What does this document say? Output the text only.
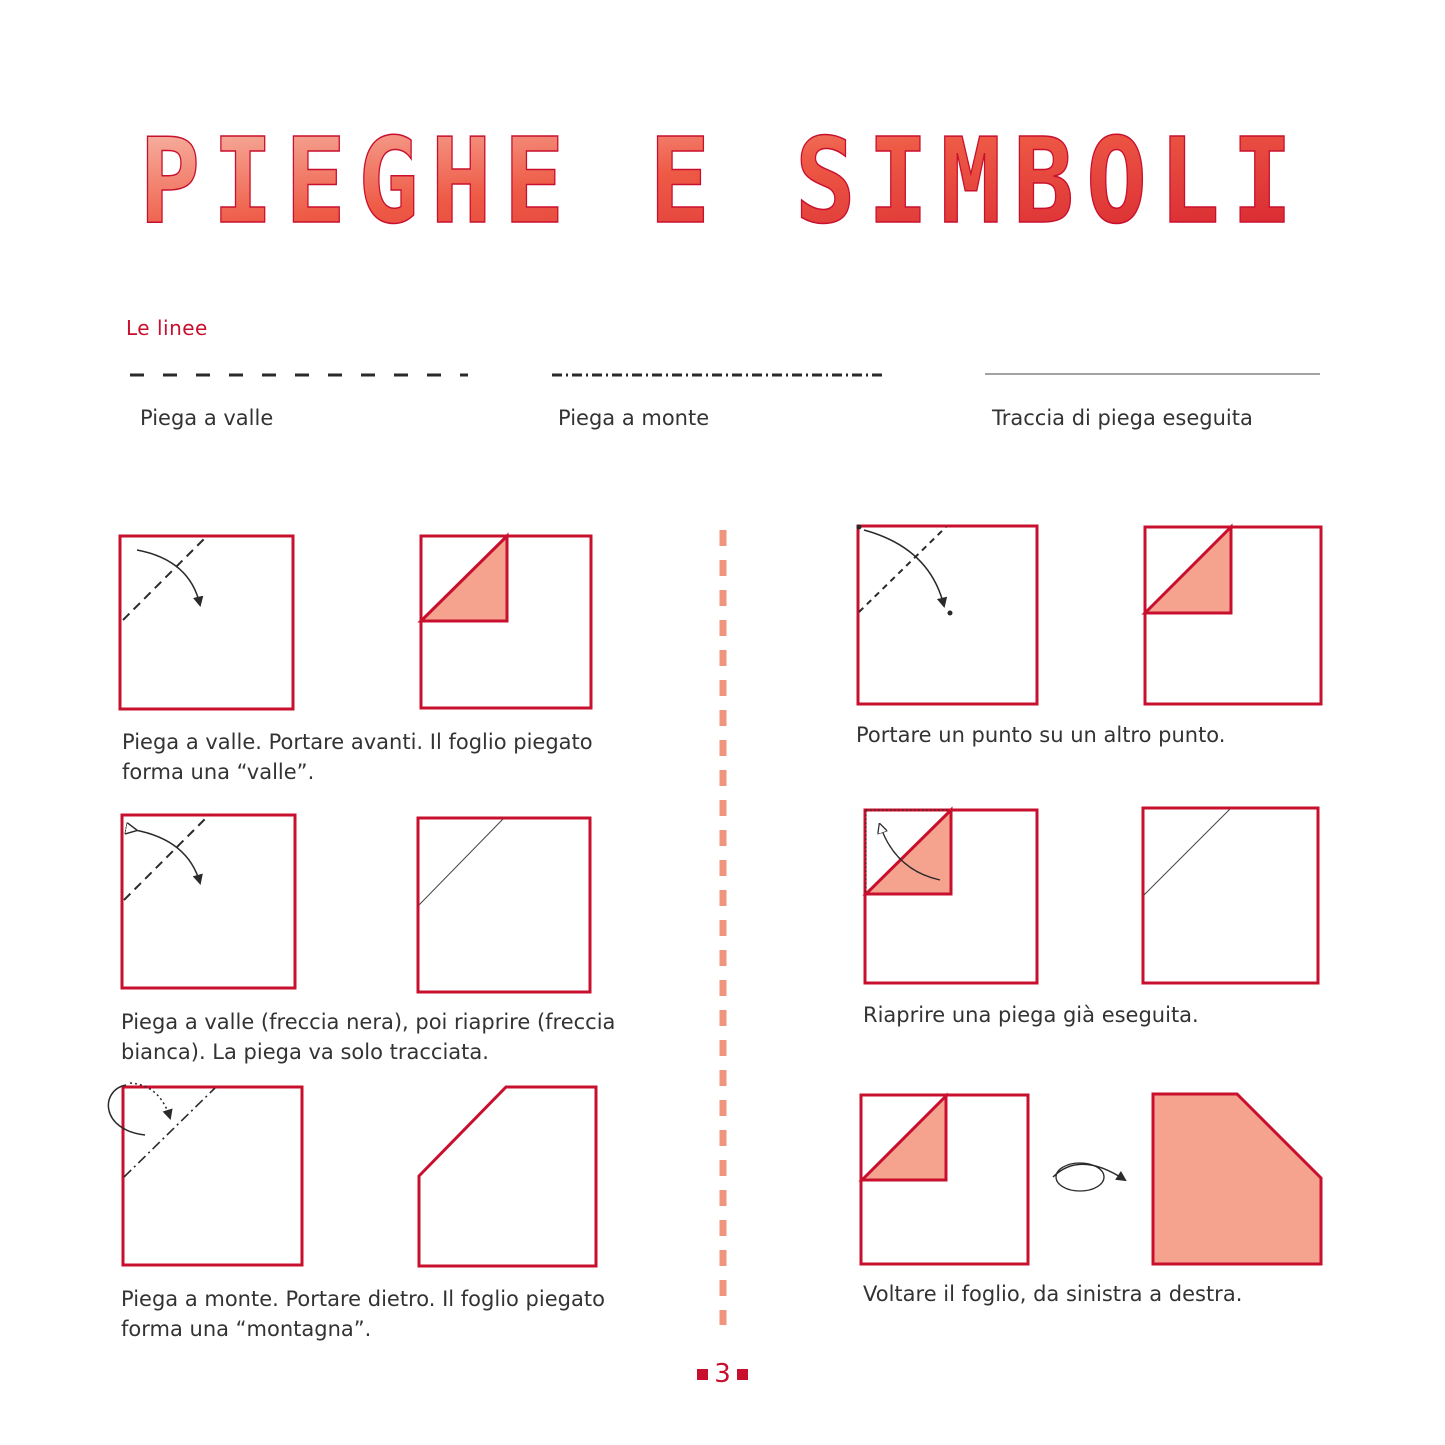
PIEGHE E SIMBOLI
Le linee
Piega a valle	Piega a monte	Traccia di piega eseguita
Piega a valle. Portare avanti. Il foglio piegato
forma una “valle”.
Piega a valle (freccia nera), poi riaprire (freccia
bianca). La piega va solo tracciata.
Piega a monte. Portare dietro. Il foglio piegato
forma una “montagna”.
Portare un punto su un altro punto.
Riaprire una piega già eseguita.
Voltare il foglio, da sinistra a destra.
3
